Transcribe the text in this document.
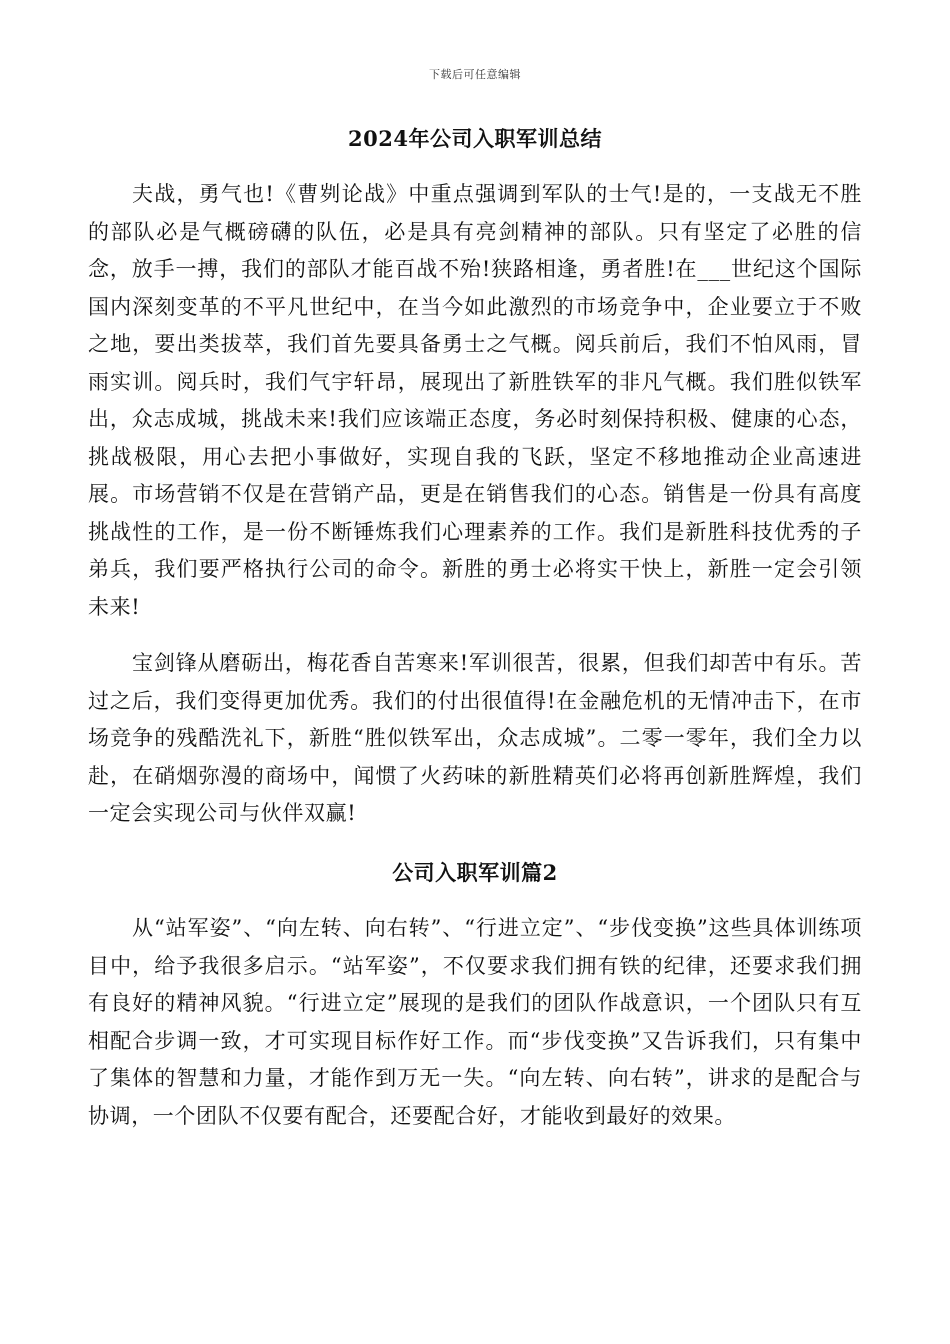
下载后可任意编辑
2024年公司入职军训总结

夫战，勇气也!《曹刿论战》中重点强调到军队的士气!是的，一支战无不胜的部队必是气概磅礴的队伍，必是具有亮剑精神的部队。只有坚定了必胜的信念，放手一搏，我们的部队才能百战不殆!狭路相逢，勇者胜!在___世纪这个国际国内深刻变革的不平凡世纪中，在当今如此激烈的市场竞争中，企业要立于不败之地，要出类拔萃，我们首先要具备勇士之气概。阅兵前后，我们不怕风雨，冒雨实训。阅兵时，我们气宇轩昂，展现出了新胜铁军的非凡气概。我们胜似铁军出，众志成城，挑战未来!我们应该端正态度，务必时刻保持积极、健康的心态，挑战极限，用心去把小事做好，实现自我的飞跃，坚定不移地推动企业高速进展。市场营销不仅是在营销产品，更是在销售我们的心态。销售是一份具有高度挑战性的工作，是一份不断锤炼我们心理素养的工作。我们是新胜科技优秀的子弟兵，我们要严格执行公司的命令。新胜的勇士必将实干快上，新胜一定会引领未来!

宝剑锋从磨砺出，梅花香自苦寒来!军训很苦，很累，但我们却苦中有乐。苦过之后，我们变得更加优秀。我们的付出很值得!在金融危机的无情冲击下，在市场竞争的残酷洗礼下，新胜“胜似铁军出，众志成城”。二零一零年，我们全力以赴，在硝烟弥漫的商场中，闻惯了火药味的新胜精英们必将再创新胜辉煌，我们一定会实现公司与伙伴双赢!

公司入职军训篇2

从“站军姿”、“向左转、向右转”、“行进立定”、“步伐变换”这些具体训练项目中，给予我很多启示。“站军姿”，不仅要求我们拥有铁的纪律，还要求我们拥有良好的精神风貌。“行进立定”展现的是我们的团队作战意识，一个团队只有互相配合步调一致，才可实现目标作好工作。而“步伐变换”又告诉我们，只有集中了集体的智慧和力量，才能作到万无一失。“向左转、向右转”，讲求的是配合与协调，一个团队不仅要有配合，还要配合好，才能收到最好的效果。
